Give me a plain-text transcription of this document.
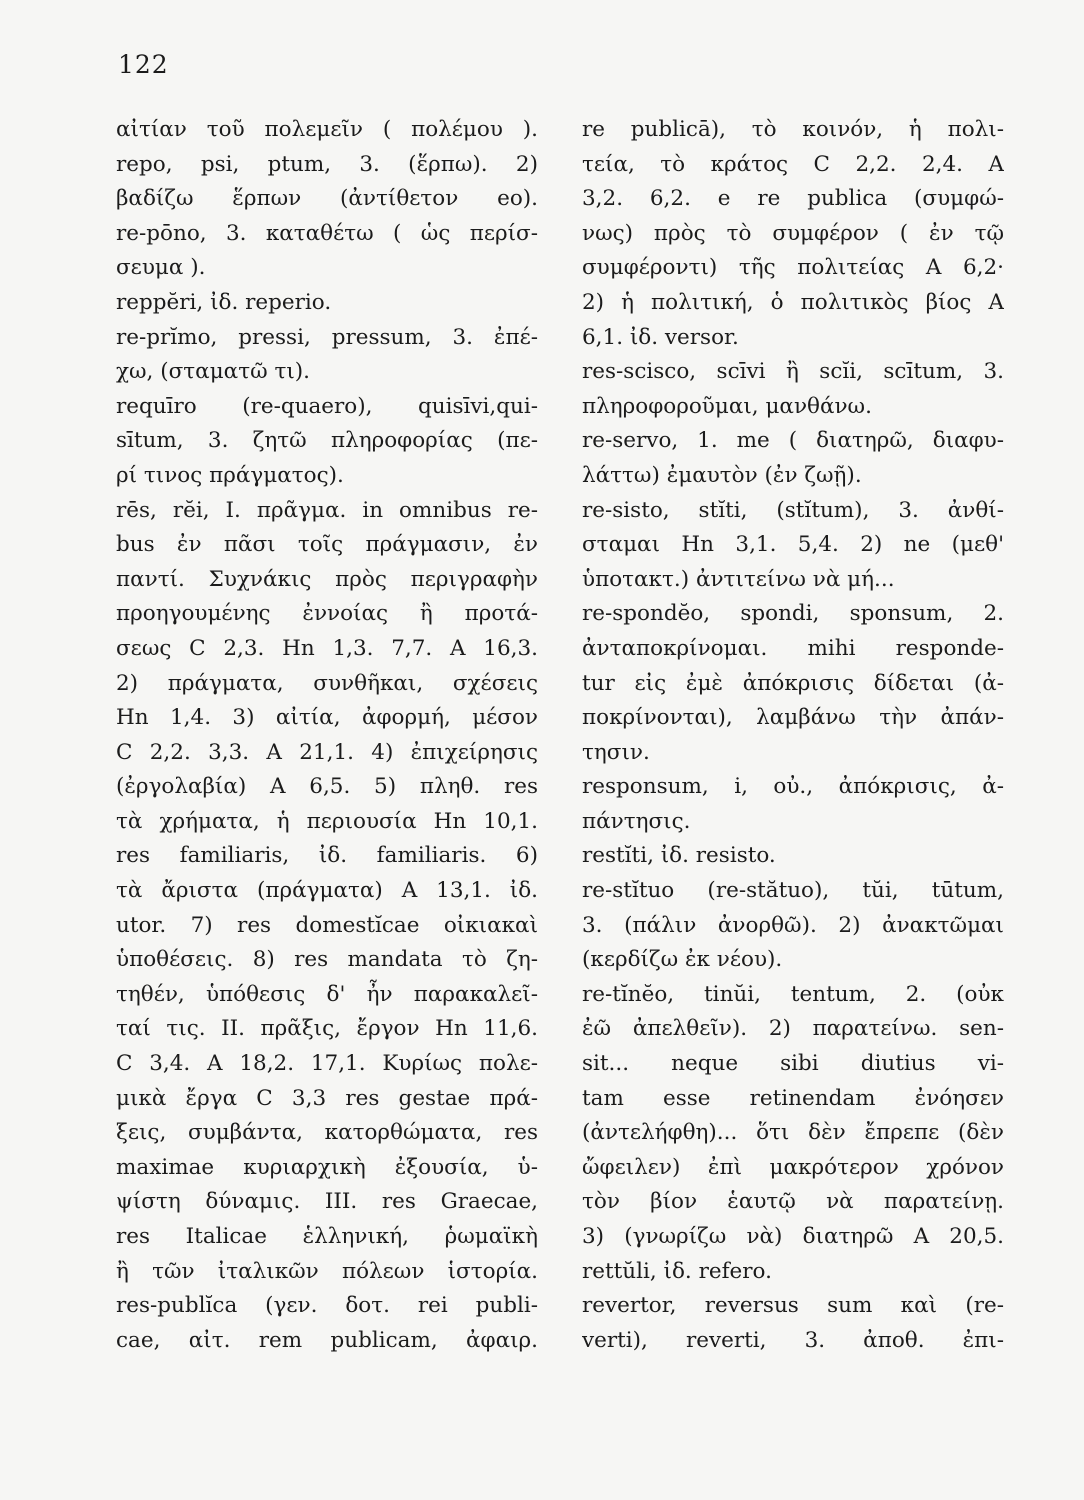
122
αἰτίαν τοῦ πολεμεῖν ( πολέμου ).
repo, psi, ptum, 3. (ἕρπω). 2)
βαδίζω ἕρπων (ἀντίθετον eo).
re-pōno, 3. καταθέτω ( ὡς περίσ-
σευμα ).
reppĕri, ἰδ. reperio.
re-prĭmo, pressi, pressum, 3. ἐπέ-
χω, (σταματῶ τι).
requīro (re-quaero), quisīvi,qui-
sītum, 3. ζητῶ πληροφορίας (πε-
ρί τινος πράγματος).
rēs, rĕi, I. πρᾶγμα. in omnibus re-
bus ἐν πᾶσι τοῖς πράγμασιν, ἐν
παντί. Συχνάκις πρὸς περιγραφὴν
προηγουμένης ἐννοίας ἢ προτά-
σεως C 2,3. Hn 1,3. 7,7. A 16,3.
2) πράγματα, συνθῆκαι, σχέσεις
Hn 1,4. 3) αἰτία, ἀφορμή, μέσον
C 2,2. 3,3. A 21,1. 4) ἐπιχείρησις
(ἐργολαβία) A 6,5. 5) πληθ. res
τὰ χρήματα, ἡ περιουσία Hn 10,1.
res familiaris, ἰδ. familiaris. 6)
τὰ ἄριστα (πράγματα) A 13,1. ἰδ.
utor. 7) res domestĭcae οἰκιακαὶ
ὑποθέσεις. 8) res mandata τὸ ζη-
τηθέν, ὑπόθεσις δ' ἦν παρακαλεῖ-
ταί τις. II. πρᾶξις, ἔργον Hn 11,6.
C 3,4. A 18,2. 17,1. Κυρίως πολε-
μικὰ ἔργα C 3,3 res gestae πρά-
ξεις, συμβάντα, κατορθώματα, res
maximae κυριαρχικὴ ἐξουσία, ὑ-
ψίστη δύναμις. III. res Graecae,
res Italicae ἑλληνική, ῥωμαϊκὴ
ἢ τῶν ἰταλικῶν πόλεων ἱστορία.
res-publĭca (γεν. δοτ. rei publi-
cae, αἰτ. rem publicam, ἀφαιρ.
re publicā), τὸ κοινόν, ἡ πολι-
τεία, τὸ κράτος C 2,2. 2,4. A
3,2. 6,2. e re publica (συμφώ-
νως) πρὸς τὸ συμφέρον ( ἐν τῷ
συμφέροντι) τῆς πολιτείας A 6,2·
2) ἡ πολιτική, ὁ πολιτικὸς βίος A
6,1. ἰδ. versor.
res-scisco, scīvi ἢ scĭi, scītum, 3.
πληροφοροῦμαι, μανθάνω.
re-servo, 1. me ( διατηρῶ, διαφυ-
λάττω) ἐμαυτὸν (ἐν ζωῇ).
re-sisto, stĭti, (stĭtum), 3. ἀνθί-
σταμαι Hn 3,1. 5,4. 2) ne (μεθ'
ὑποτακτ.) ἀντιτείνω νὰ μή...
re-spondĕo, spondi, sponsum, 2.
ἀνταποκρίνομαι. mihi responde-
tur εἰς ἐμὲ ἀπόκρισις δίδεται (ἀ-
ποκρίνονται), λαμβάνω τὴν ἀπάν-
τησιν.
responsum, i, οὐ., ἀπόκρισις, ἀ-
πάντησις.
restĭti, ἰδ. resisto.
re-stĭtuo (re-stătuo), tŭi, tūtum,
3. (πάλιν ἀνορθῶ). 2) ἀνακτῶμαι
(κερδίζω ἐκ νέου).
re-tĭnĕo, tinŭi, tentum, 2. (οὐκ
ἐῶ ἀπελθεῖν). 2) παρατείνω. sen-
sit... neque sibi diutius vi-
tam esse retinendam ἐνόησεν
(ἀντελήφθη)... ὅτι δὲν ἔπρεπε (δὲν
ὤφειλεν) ἐπὶ μακρότερον χρόνον
τὸν βίον ἑαυτῷ νὰ παρατείνῃ.
3) (γνωρίζω νὰ) διατηρῶ A 20,5.
rettŭli, ἰδ. refero.
revertor, reversus sum καὶ (re-
verti), reverti, 3. ἀποθ. ἐπι-
